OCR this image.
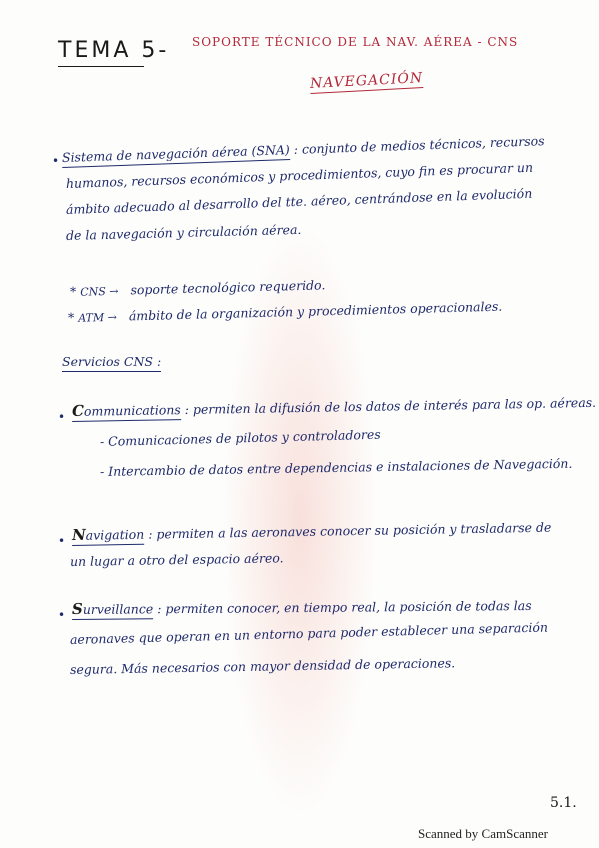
TEMA 5- SOPORTE TÉCNICO DE LA NAV. AÉREA - CNS
NAVEGACIÓN
• Sistema de navegación aérea (SNA) : conjunto de medios técnicos, recursos
humanos, recursos económicos y procedimientos, cuyo fin es procurar un
ámbito adecuado al desarrollo del tte. aéreo, centrándose en la evolución
de la navegación y circulación aérea.
* CNS → soporte tecnológico requerido.
* ATM → ámbito de la organización y procedimientos operacionales.
Servicios CNS :
• Communications : permiten la difusión de los datos de interés para las op. aéreas.
- Comunicaciones de pilotos y controladores
- Intercambio de datos entre dependencias e instalaciones de Navegación.
• Navigation : permiten a las aeronaves conocer su posición y trasladarse de
un lugar a otro del espacio aéreo.
• Surveillance : permiten conocer, en tiempo real, la posición de todas las
aeronaves que operan en un entorno para poder establecer una separación
segura. Más necesarios con mayor densidad de operaciones.
5.1.
Scanned by CamScanner
